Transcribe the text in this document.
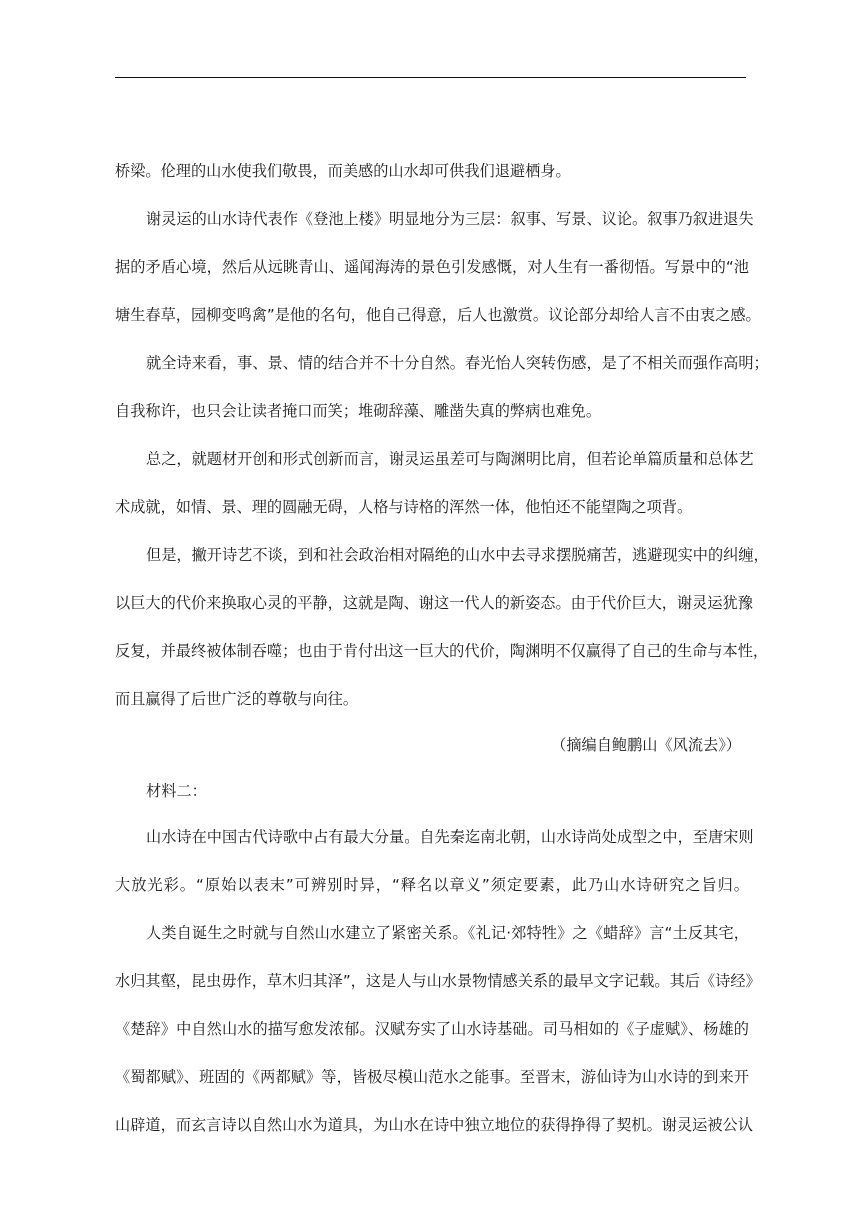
桥梁。伦理的山水使我们敬畏，而美感的山水却可供我们退避栖身。
谢灵运的山水诗代表作《登池上楼》明显地分为三层：叙事、写景、议论。叙事乃叙进退失
据的矛盾心境，然后从远眺青山、遥闻海涛的景色引发感慨，对人生有一番彻悟。写景中的“池
塘生春草，园柳变鸣禽”是他的名句，他自己得意，后人也激赏。议论部分却给人言不由衷之感。
就全诗来看，事、景、情的结合并不十分自然。春光怡人突转伤感，是了不相关而强作高明；
自我称许，也只会让读者掩口而笑；堆砌辞藻、雕凿失真的弊病也难免。
总之，就题材开创和形式创新而言，谢灵运虽差可与陶渊明比肩，但若论单篇质量和总体艺
术成就，如情、景、理的圆融无碍，人格与诗格的浑然一体，他怕还不能望陶之项背。
但是，撇开诗艺不谈，到和社会政治相对隔绝的山水中去寻求摆脱痛苦，逃避现实中的纠缠，
以巨大的代价来换取心灵的平静，这就是陶、谢这一代人的新姿态。由于代价巨大，谢灵运犹豫
反复，并最终被体制吞噬；也由于肯付出这一巨大的代价，陶渊明不仅赢得了自己的生命与本性，
而且赢得了后世广泛的尊敬与向往。
（摘编自鲍鹏山《风流去》）
材料二：
山水诗在中国古代诗歌中占有最大分量。自先秦迄南北朝，山水诗尚处成型之中，至唐宋则
大放光彩。“原始以表末”可辨别时异，“释名以章义”须定要素，此乃山水诗研究之旨归。
人类自诞生之时就与自然山水建立了紧密关系。《礼记·郊特牲》之《蜡辞》言“土反其宅，
水归其壑，昆虫毋作，草木归其泽”，这是人与山水景物情感关系的最早文字记载。其后《诗经》
《楚辞》中自然山水的描写愈发浓郁。汉赋夯实了山水诗基础。司马相如的《子虚赋》、杨雄的
《蜀都赋》、班固的《两都赋》等，皆极尽模山范水之能事。至晋末，游仙诗为山水诗的到来开
山辟道，而玄言诗以自然山水为道具，为山水在诗中独立地位的获得挣得了契机。谢灵运被公认
